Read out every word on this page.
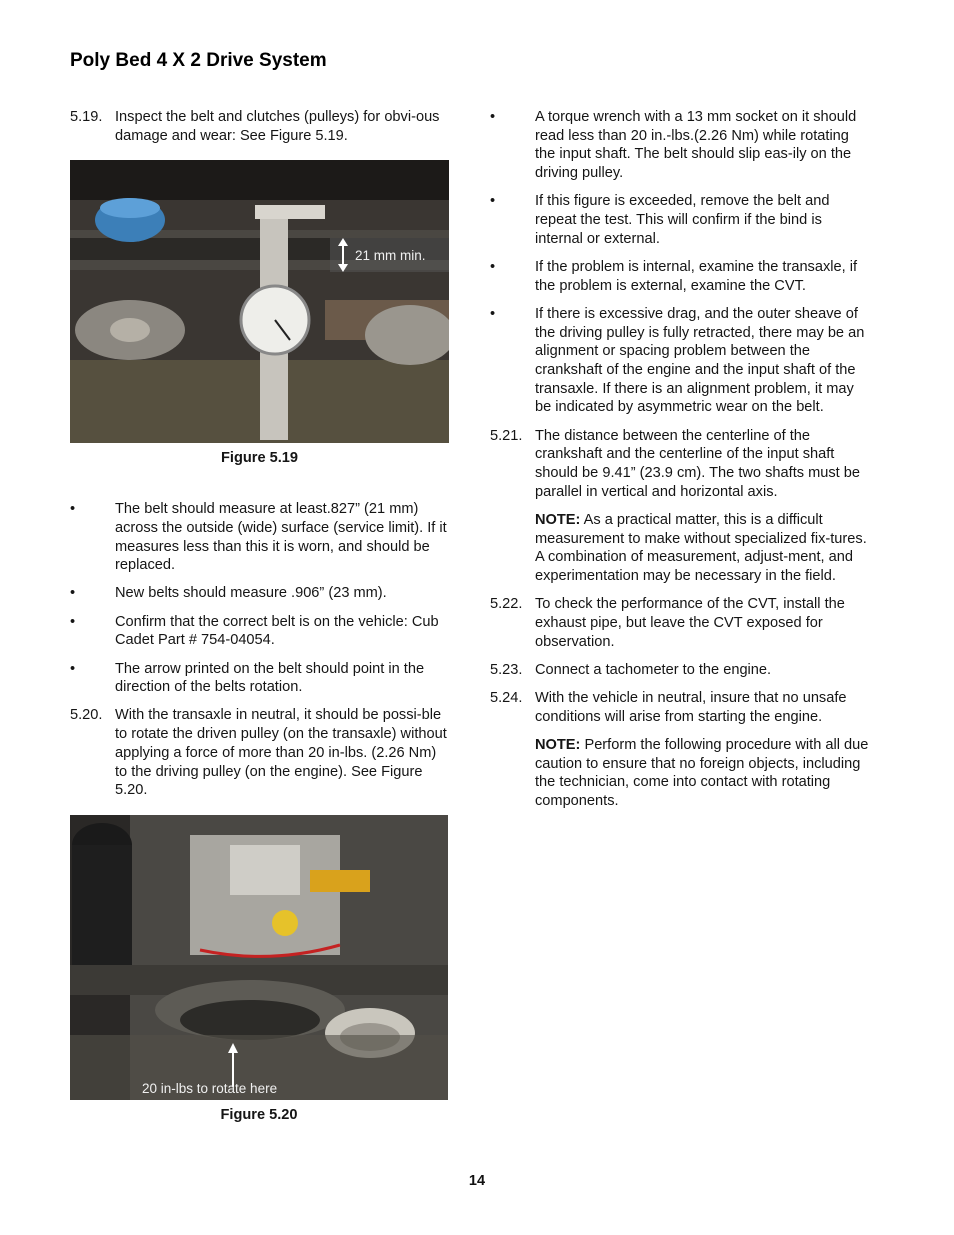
Poly Bed 4 X 2 Drive System
5.19. Inspect the belt and clutches (pulleys) for obvi-ous damage and wear: See Figure 5.19.
21 mm min.
Figure 5.19
•	The belt should measure at least.827” (21 mm) across the outside (wide) surface (service limit). If it measures less than this it is worn, and should be replaced.
•	New belts should measure .906” (23 mm).
•	Confirm that the correct belt is on the vehicle: Cub Cadet Part # 754-04054.
•	The arrow printed on the belt should point in the direction of the belts rotation.
5.20. With the transaxle in neutral, it should be possi-ble to rotate the driven pulley (on the transaxle) without applying a force of more than 20 in-lbs. (2.26 Nm) to the driving pulley (on the engine). See Figure 5.20.
20 in-lbs to rotate here
Figure 5.20
•	A torque wrench with a 13 mm socket on it should read less than 20 in.-lbs.(2.26 Nm) while rotating the input shaft. The belt should slip eas-ily on the driving pulley.
•	If this figure is exceeded, remove the belt and repeat the test. This will confirm if the bind is internal or external.
•	If the problem is internal, examine the transaxle, if the problem is external, examine the CVT.
•	If there is excessive drag, and the outer sheave of the driving pulley is fully retracted, there may be an alignment or spacing problem between the crankshaft of the engine and the input shaft of the transaxle. If there is an alignment problem, it may be indicated by asymmetric wear on the belt.
5.21. The distance between the centerline of the crankshaft and the centerline of the input shaft should be 9.41” (23.9 cm). The two shafts must be parallel in vertical and horizontal axis.
NOTE: As a practical matter, this is a difficult measurement to make without specialized fix-tures. A combination of measurement, adjust-ment, and experimentation may be necessary in the field.
5.22. To check the performance of the CVT, install the exhaust pipe, but leave the CVT exposed for observation.
5.23. Connect a tachometer to the engine.
5.24. With the vehicle in neutral, insure that no unsafe conditions will arise from starting the engine.
NOTE: Perform the following procedure with all due caution to ensure that no foreign objects, including the technician, come into contact with rotating components.
14
